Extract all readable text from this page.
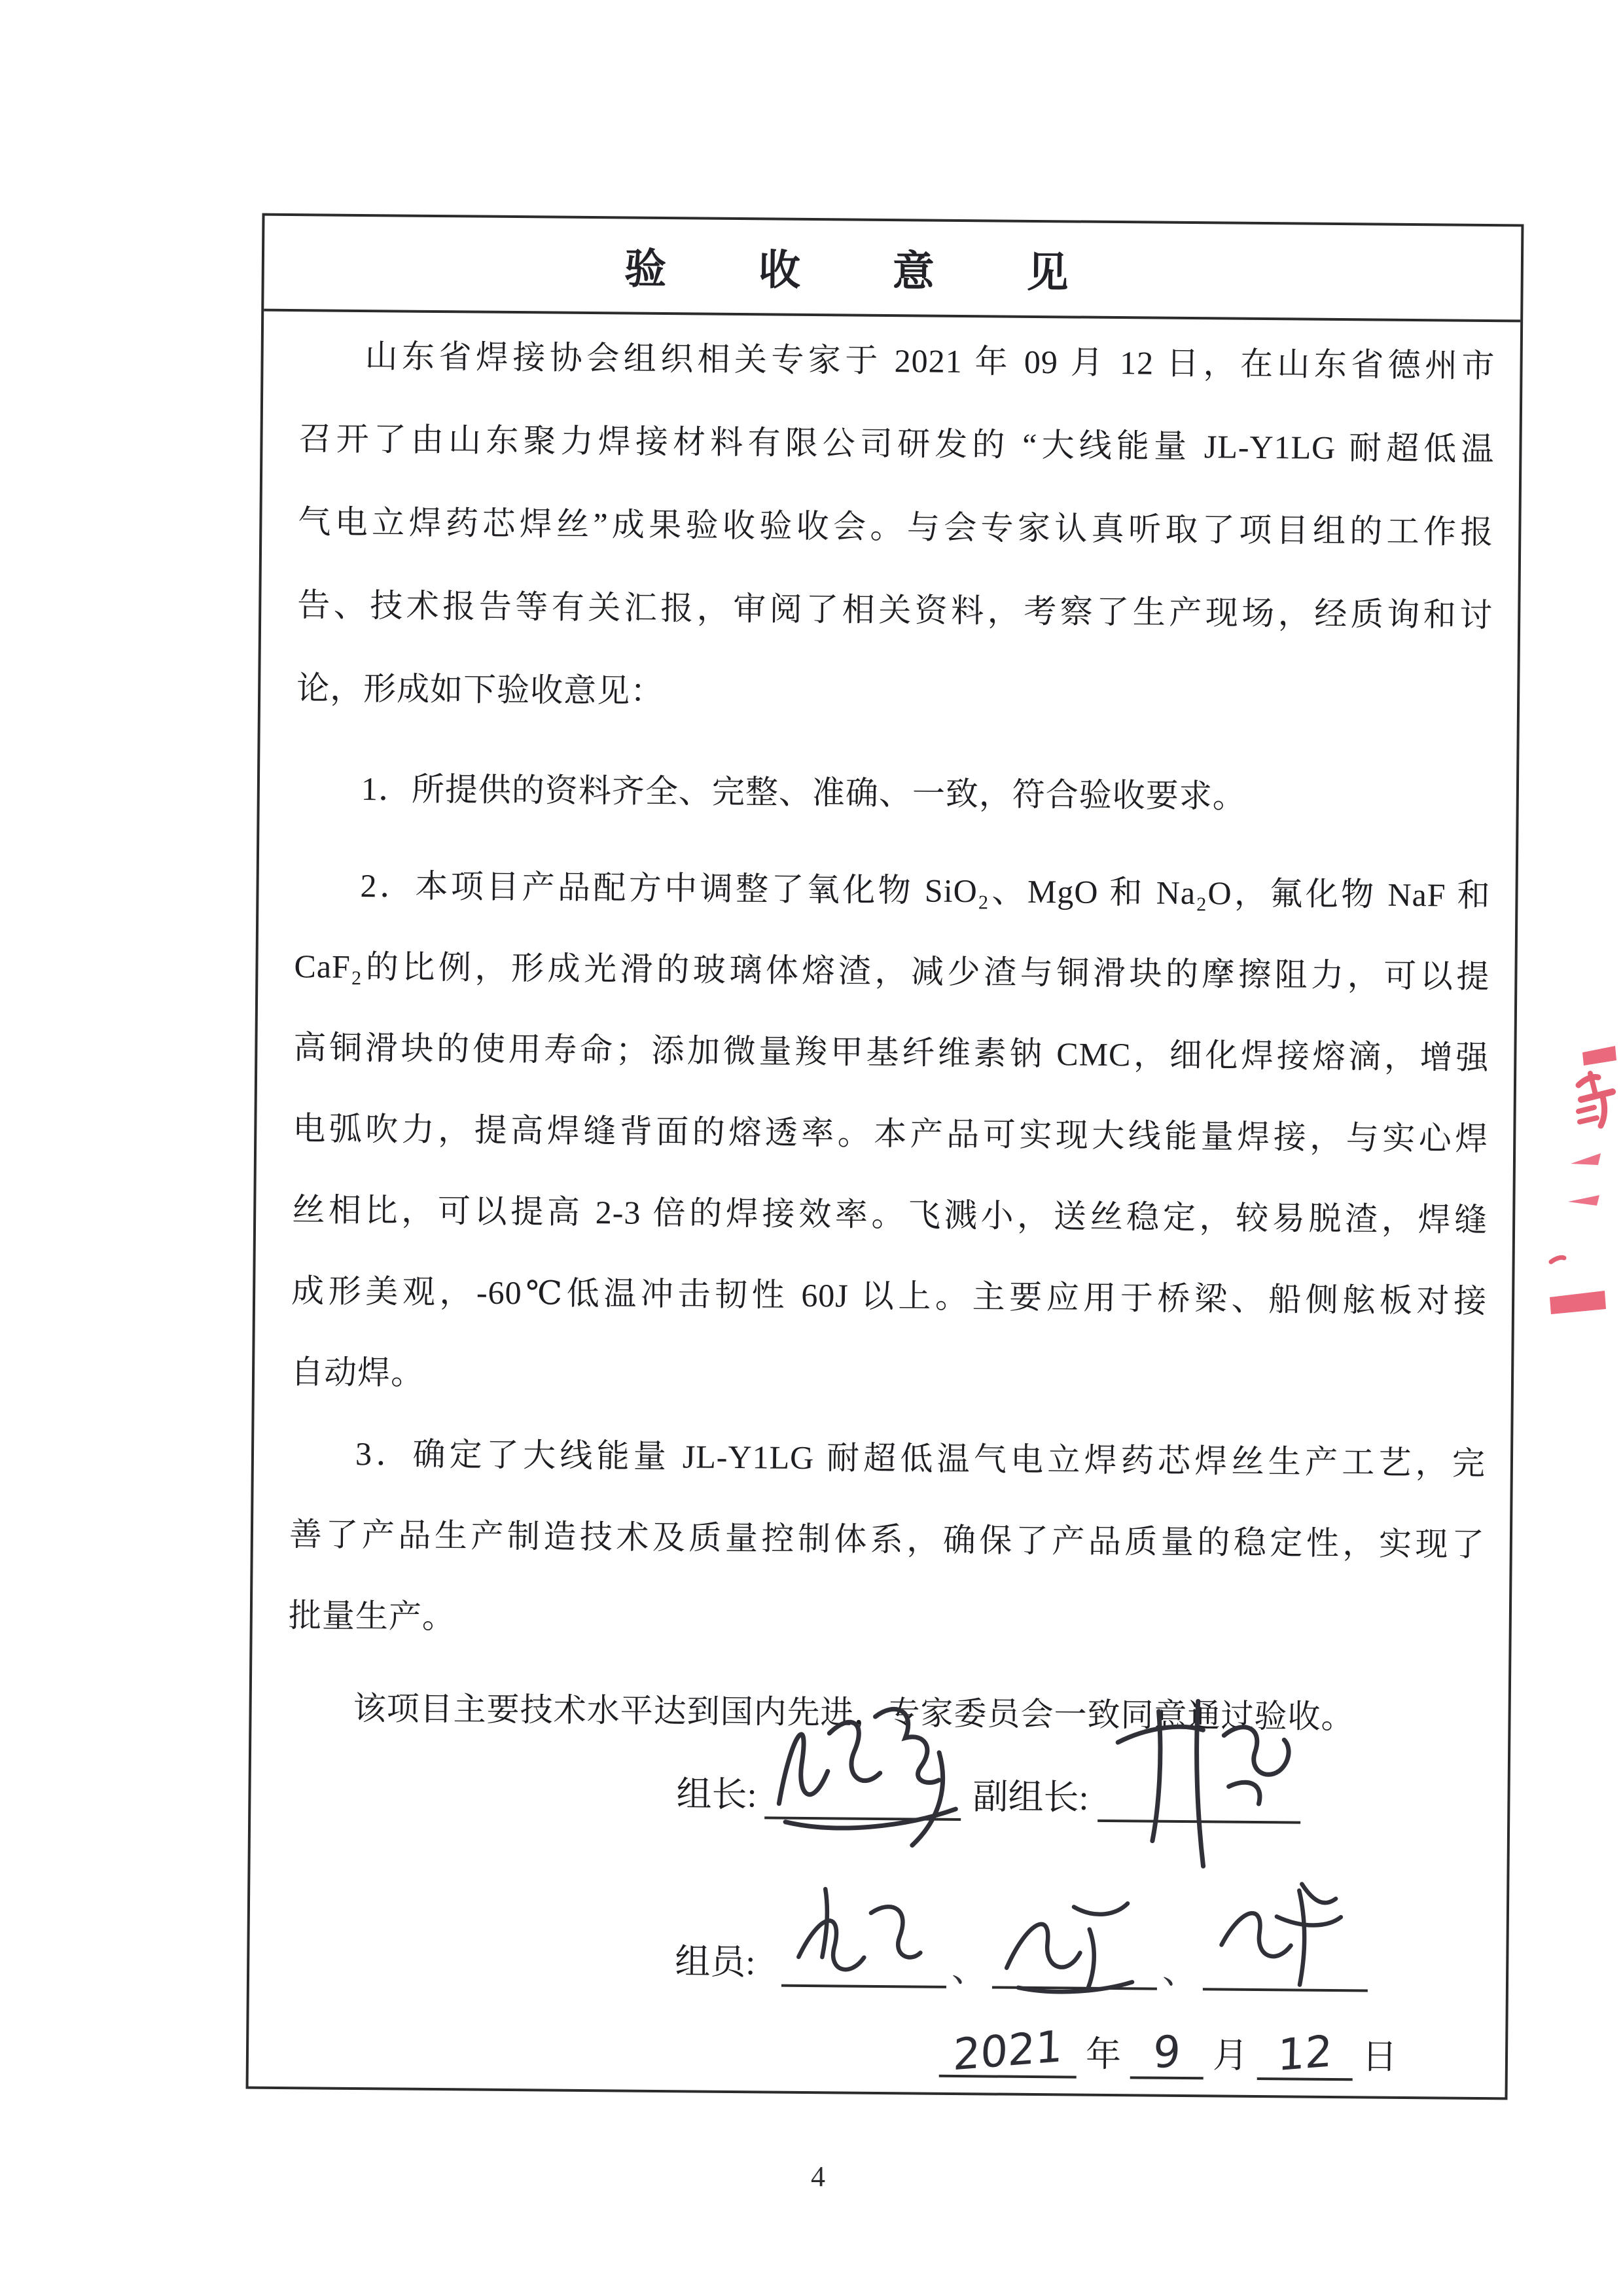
验收意见
山东省焊接协会组织相关专家于 2021 年 09 月 12 日，在山东省德州市
召开了由山东聚力焊接材料有限公司研发的 “大线能量 JL-Y1LG 耐超低温
气电立焊药芯焊丝”成果验收验收会。与会专家认真听取了项目组的工作报
告、技术报告等有关汇报，审阅了相关资料，考察了生产现场，经质询和讨
论，形成如下验收意见：
1．所提供的资料齐全、完整、准确、一致，符合验收要求。
2．本项目产品配方中调整了氧化物 SiO₂、MgO 和 Na₂O，氟化物 NaF 和
CaF₂的比例，形成光滑的玻璃体熔渣，减少渣与铜滑块的摩擦阻力，可以提
高铜滑块的使用寿命；添加微量羧甲基纤维素钠 CMC，细化焊接熔滴，增强
电弧吹力，提高焊缝背面的熔透率。本产品可实现大线能量焊接，与实心焊
丝相比，可以提高 2-3 倍的焊接效率。飞溅小，送丝稳定，较易脱渣，焊缝
成形美观，-60℃低温冲击韧性 60J 以上。主要应用于桥梁、船侧舷板对接
自动焊。
3．确定了大线能量 JL-Y1LG 耐超低温气电立焊药芯焊丝生产工艺，完
善了产品生产制造技术及质量控制体系，确保了产品质量的稳定性，实现了
批量生产。
该项目主要技术水平达到国内先进，专家委员会一致同意通过验收。
组长:	副组长:
组员:	、	、
2021 年 9 月 12 日
4
